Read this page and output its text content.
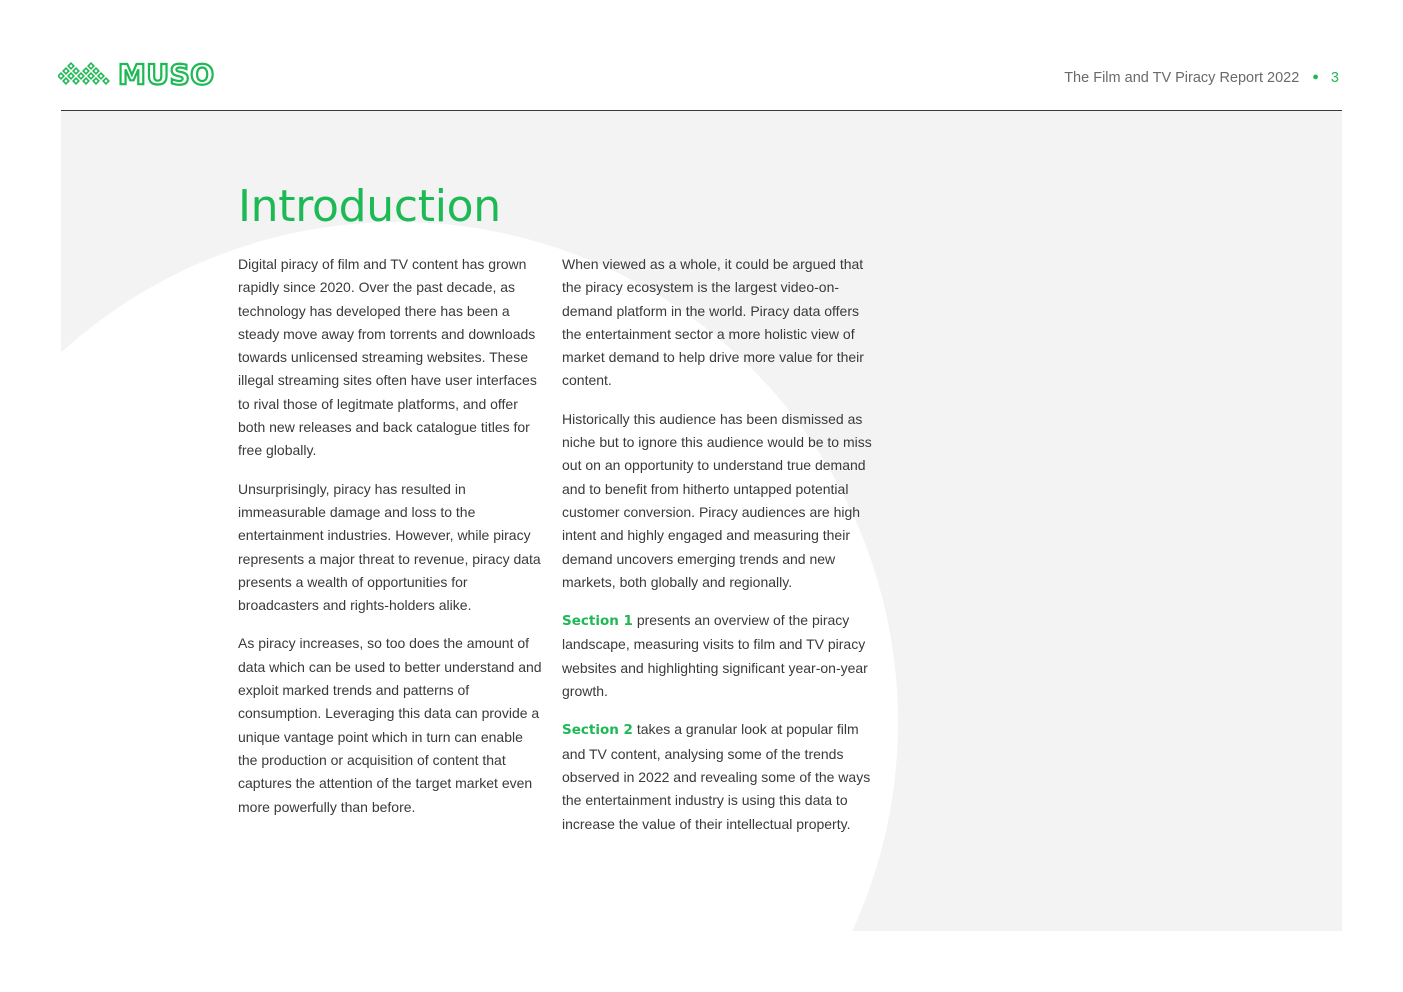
MUSO	The Film and TV Piracy Report 2022 ● 3
Introduction

Digital piracy of film and TV content has grown rapidly since 2020. Over the past decade, as technology has developed there has been a steady move away from torrents and downloads towards unlicensed streaming websites. These illegal streaming sites often have user interfaces to rival those of legitmate platforms, and offer both new releases and back catalogue titles for free globally.

Unsurprisingly, piracy has resulted in immeasurable damage and loss to the entertainment industries. However, while piracy represents a major threat to revenue, piracy data presents a wealth of opportunities for broadcasters and rights-holders alike.

As piracy increases, so too does the amount of data which can be used to better understand and exploit marked trends and patterns of consumption. Leveraging this data can provide a unique vantage point which in turn can enable the production or acquisition of content that captures the attention of the target market even more powerfully than before.

When viewed as a whole, it could be argued that the piracy ecosystem is the largest video-on-demand platform in the world. Piracy data offers the entertainment sector a more holistic view of market demand to help drive more value for their content.

Historically this audience has been dismissed as niche but to ignore this audience would be to miss out on an opportunity to understand true demand and to benefit from hitherto untapped potential customer conversion. Piracy audiences are high intent and highly engaged and measuring their demand uncovers emerging trends and new markets, both globally and regionally.

Section 1 presents an overview of the piracy landscape, measuring visits to film and TV piracy websites and highlighting significant year-on-year growth.

Section 2 takes a granular look at popular film and TV content, analysing some of the trends observed in 2022 and revealing some of the ways the entertainment industry is using this data to increase the value of their intellectual property.
